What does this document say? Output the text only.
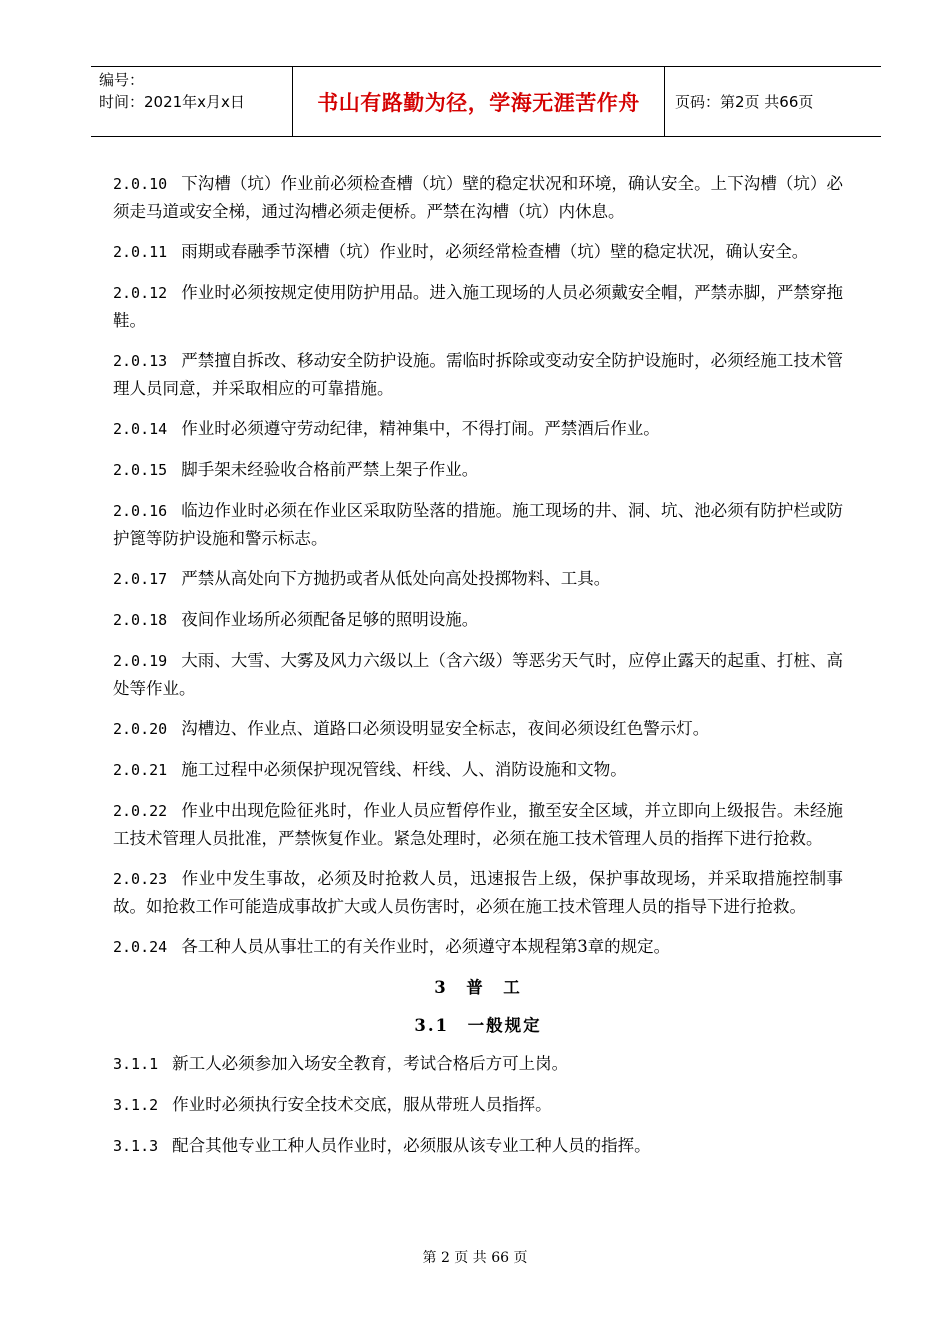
编号：
时间：2021年x月x日	书山有路勤为径，学海无涯苦作舟	页码：第2页 共66页
2.0.10 下沟槽（坑）作业前必须检查槽（坑）壁的稳定状况和环境，确认安全。上下沟槽（坑）必须走马道或安全梯，通过沟槽必须走便桥。严禁在沟槽（坑）内休息。
2.0.11 雨期或春融季节深槽（坑）作业时，必须经常检查槽（坑）壁的稳定状况，确认安全。
2.0.12 作业时必须按规定使用防护用品。进入施工现场的人员必须戴安全帽，严禁赤脚，严禁穿拖鞋。
2.0.13 严禁擅自拆改、移动安全防护设施。需临时拆除或变动安全防护设施时，必须经施工技术管理人员同意，并采取相应的可靠措施。
2.0.14 作业时必须遵守劳动纪律，精神集中，不得打闹。严禁酒后作业。
2.0.15 脚手架未经验收合格前严禁上架子作业。
2.0.16 临边作业时必须在作业区采取防坠落的措施。施工现场的井、洞、坑、池必须有防护栏或防护篦等防护设施和警示标志。
2.0.17 严禁从高处向下方抛扔或者从低处向高处投掷物料、工具。
2.0.18 夜间作业场所必须配备足够的照明设施。
2.0.19 大雨、大雪、大雾及风力六级以上（含六级）等恶劣天气时，应停止露天的起重、打桩、高处等作业。
2.0.20 沟槽边、作业点、道路口必须设明显安全标志，夜间必须设红色警示灯。
2.0.21 施工过程中必须保护现况管线、杆线、人、消防设施和文物。
2.0.22 作业中出现危险征兆时，作业人员应暂停作业，撤至安全区域，并立即向上级报告。未经施工技术管理人员批准，严禁恢复作业。紧急处理时，必须在施工技术管理人员的指挥下进行抢救。
2.0.23 作业中发生事故，必须及时抢救人员，迅速报告上级，保护事故现场，并采取措施控制事故。如抢救工作可能造成事故扩大或人员伤害时，必须在施工技术管理人员的指导下进行抢救。
2.0.24 各工种人员从事壮工的有关作业时，必须遵守本规程第3章的规定。
3　普　工
3.1　一般规定
3.1.1 新工人必须参加入场安全教育，考试合格后方可上岗。
3.1.2 作业时必须执行安全技术交底，服从带班人员指挥。
3.1.3 配合其他专业工种人员作业时，必须服从该专业工种人员的指挥。
第 2 页 共 66 页
